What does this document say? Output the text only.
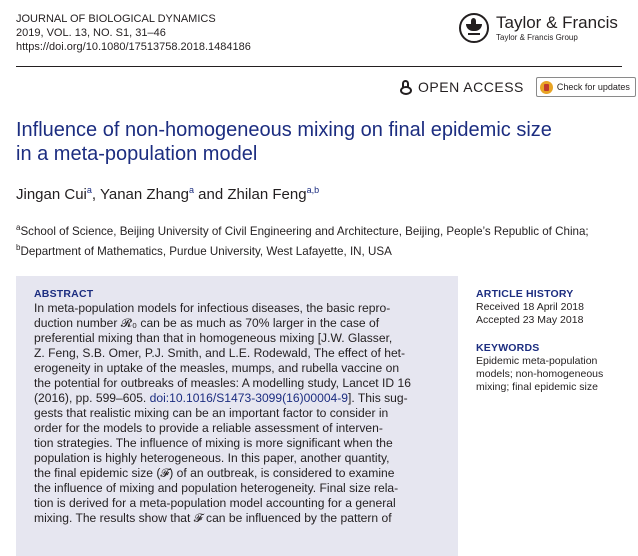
JOURNAL OF BIOLOGICAL DYNAMICS
2019, VOL. 13, NO. S1, 31–46
https://doi.org/10.1080/17513758.2018.1484186
Taylor & Francis
Taylor & Francis Group
OPEN ACCESS	Check for updates
Influence of non-homogeneous mixing on final epidemic size
in a meta-population model
Jingan Cui$^a$, Yanan Zhang$^a$ and Zhilan Feng$^{a,b}$
$^a$School of Science, Beijing University of Civil Engineering and Architecture, Beijing, People’s Republic of China; $^b$Department of Mathematics, Purdue University, West Lafayette, IN, USA
ABSTRACT
In meta-population models for infectious diseases, the basic repro-
duction number 𝓡₀ can be as much as 70% larger in the case of
preferential mixing than that in homogeneous mixing [J.W. Glasser,
Z. Feng, S.B. Omer, P.J. Smith, and L.E. Rodewald, The effect of het-
erogeneity in uptake of the measles, mumps, and rubella vaccine on
the potential for outbreaks of measles: A modelling study, Lancet ID 16
(2016), pp. 599–605. doi:10.1016/S1473-3099(16)00004-9]. This sug-
gests that realistic mixing can be an important factor to consider in
order for the models to provide a reliable assessment of interven-
tion strategies. The influence of mixing is more significant when the
population is highly heterogeneous. In this paper, another quantity,
the final epidemic size (𝓕) of an outbreak, is considered to examine
the influence of mixing and population heterogeneity. Final size rela-
tion is derived for a meta-population model accounting for a general
mixing. The results show that 𝓕 can be influenced by the pattern of
ARTICLE HISTORY
Received 18 April 2018
Accepted 23 May 2018
KEYWORDS
Epidemic meta-population
models; non-homogeneous
mixing; final epidemic size
